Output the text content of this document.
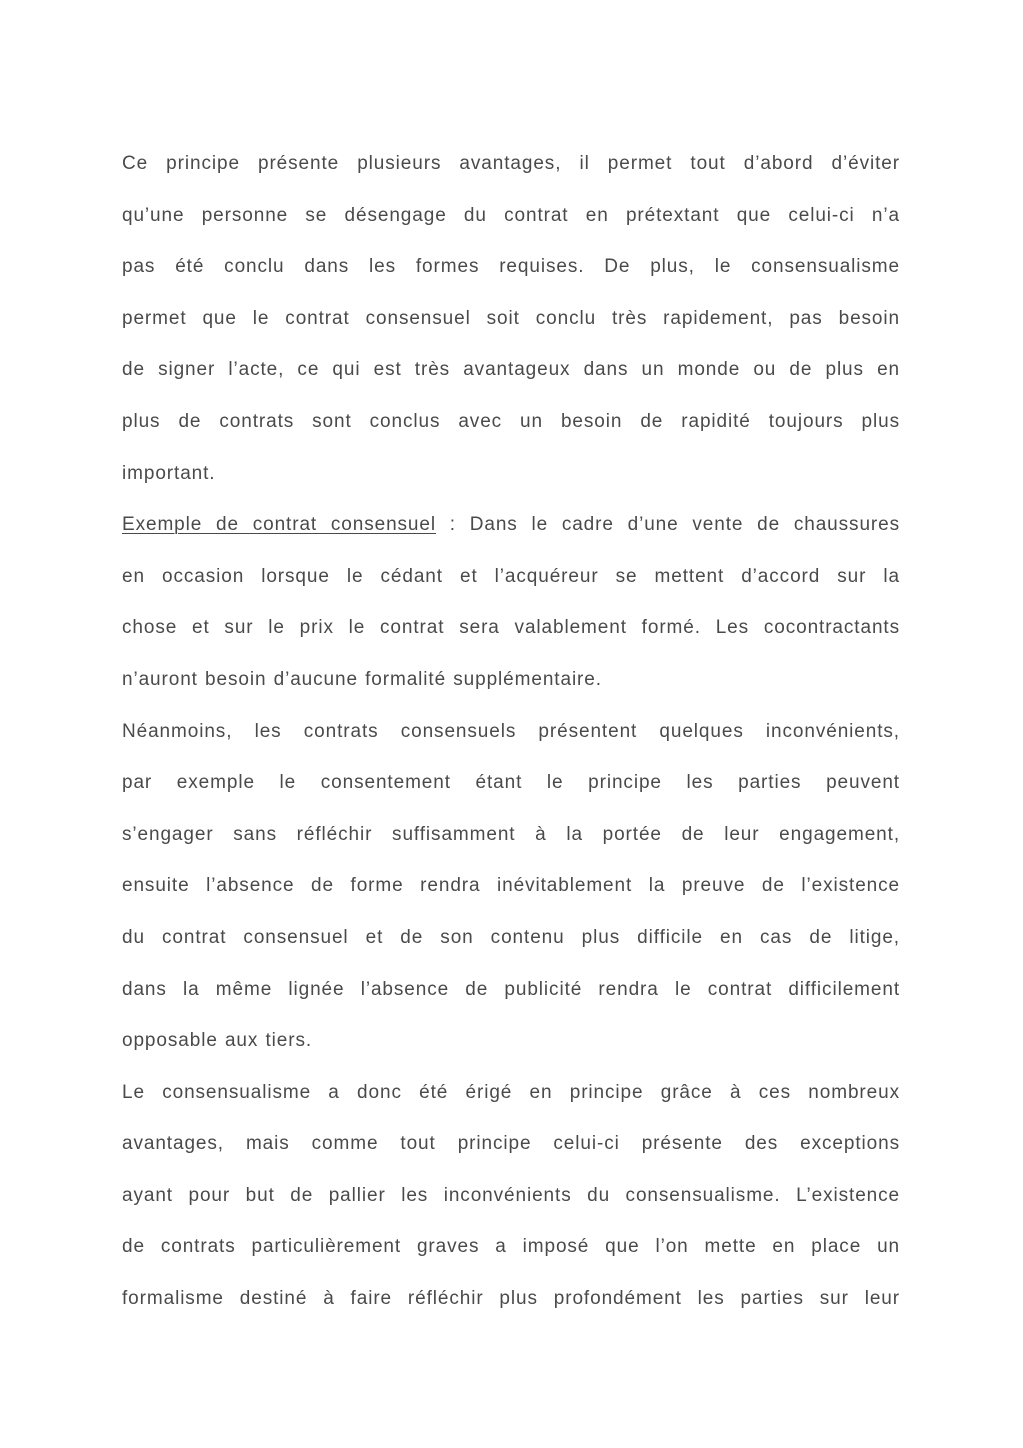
Ce principe présente plusieurs avantages, il permet tout d’abord d’éviter
qu’une personne se désengage du contrat en prétextant que celui-ci n’a
pas été conclu dans les formes requises. De plus, le consensualisme
permet que le contrat consensuel soit conclu très rapidement, pas besoin
de signer l’acte, ce qui est très avantageux dans un monde ou de plus en
plus de contrats sont conclus avec un besoin de rapidité toujours plus
important.
Exemple de contrat consensuel : Dans le cadre d’une vente de chaussures
en occasion lorsque le cédant et l’acquéreur se mettent d’accord sur la
chose et sur le prix le contrat sera valablement formé. Les cocontractants
n’auront besoin d’aucune formalité supplémentaire.
Néanmoins, les contrats consensuels présentent quelques inconvénients,
par exemple le consentement étant le principe les parties peuvent
s’engager sans réfléchir suffisamment à la portée de leur engagement,
ensuite l’absence de forme rendra inévitablement la preuve de l’existence
du contrat consensuel et de son contenu plus difficile en cas de litige,
dans la même lignée l’absence de publicité rendra le contrat difficilement
opposable aux tiers.
Le consensualisme a donc été érigé en principe grâce à ces nombreux
avantages, mais comme tout principe celui-ci présente des exceptions
ayant pour but de pallier les inconvénients du consensualisme. L’existence
de contrats particulièrement graves a imposé que l’on mette en place un
formalisme destiné à faire réfléchir plus profondément les parties sur leur
